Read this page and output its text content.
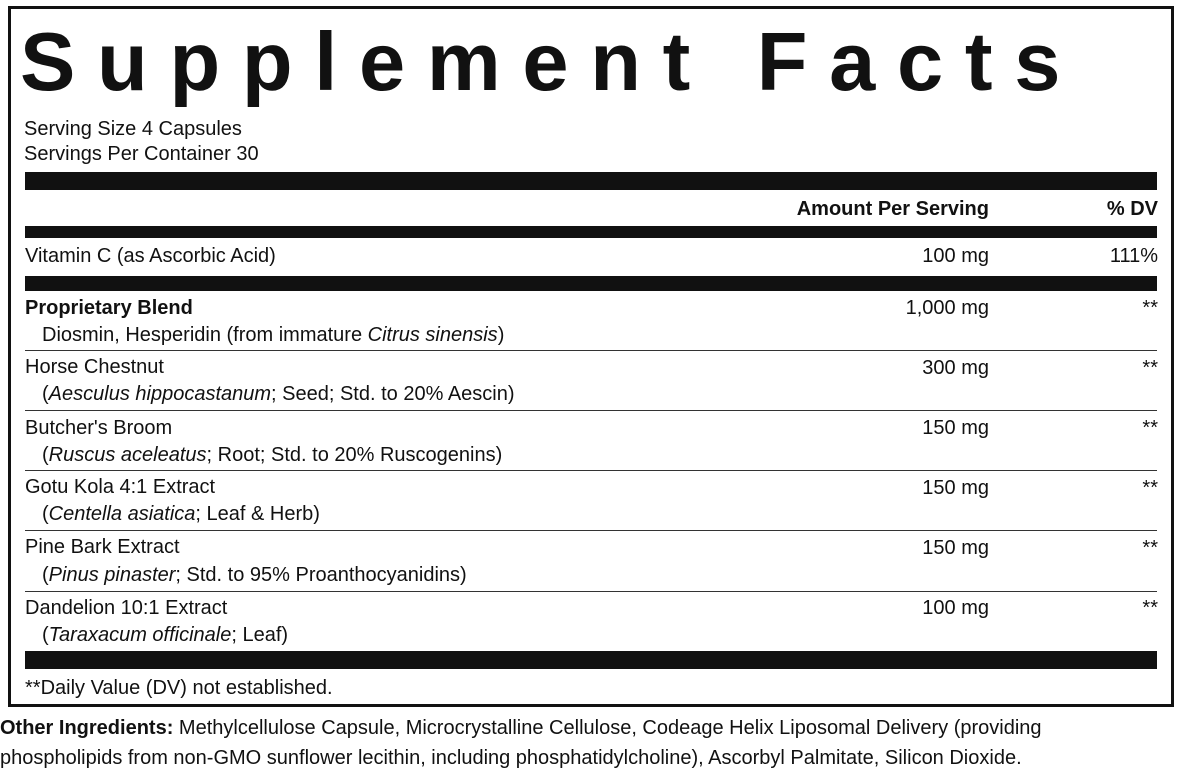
Supplement Facts
Serving Size 4 Capsules
Servings Per Container 30
Amount Per Serving	% DV
Vitamin C (as Ascorbic Acid)	100 mg	111%
Proprietary Blend	1,000 mg	**
Diosmin, Hesperidin (from immature Citrus sinensis)
Horse Chestnut	300 mg	**
(Aesculus hippocastanum; Seed; Std. to 20% Aescin)
Butcher's Broom	150 mg	**
(Ruscus aceleatus; Root; Std. to 20% Ruscogenins)
Gotu Kola 4:1 Extract	150 mg	**
(Centella asiatica; Leaf & Herb)
Pine Bark Extract	150 mg	**
(Pinus pinaster; Std. to 95% Proanthocyanidins)
Dandelion 10:1 Extract	100 mg	**
(Taraxacum officinale; Leaf)
**Daily Value (DV) not established.
Other Ingredients: Methylcellulose Capsule, Microcrystalline Cellulose, Codeage Helix Liposomal Delivery (providing
phospholipids from non-GMO sunflower lecithin, including phosphatidylcholine), Ascorbyl Palmitate, Silicon Dioxide.
